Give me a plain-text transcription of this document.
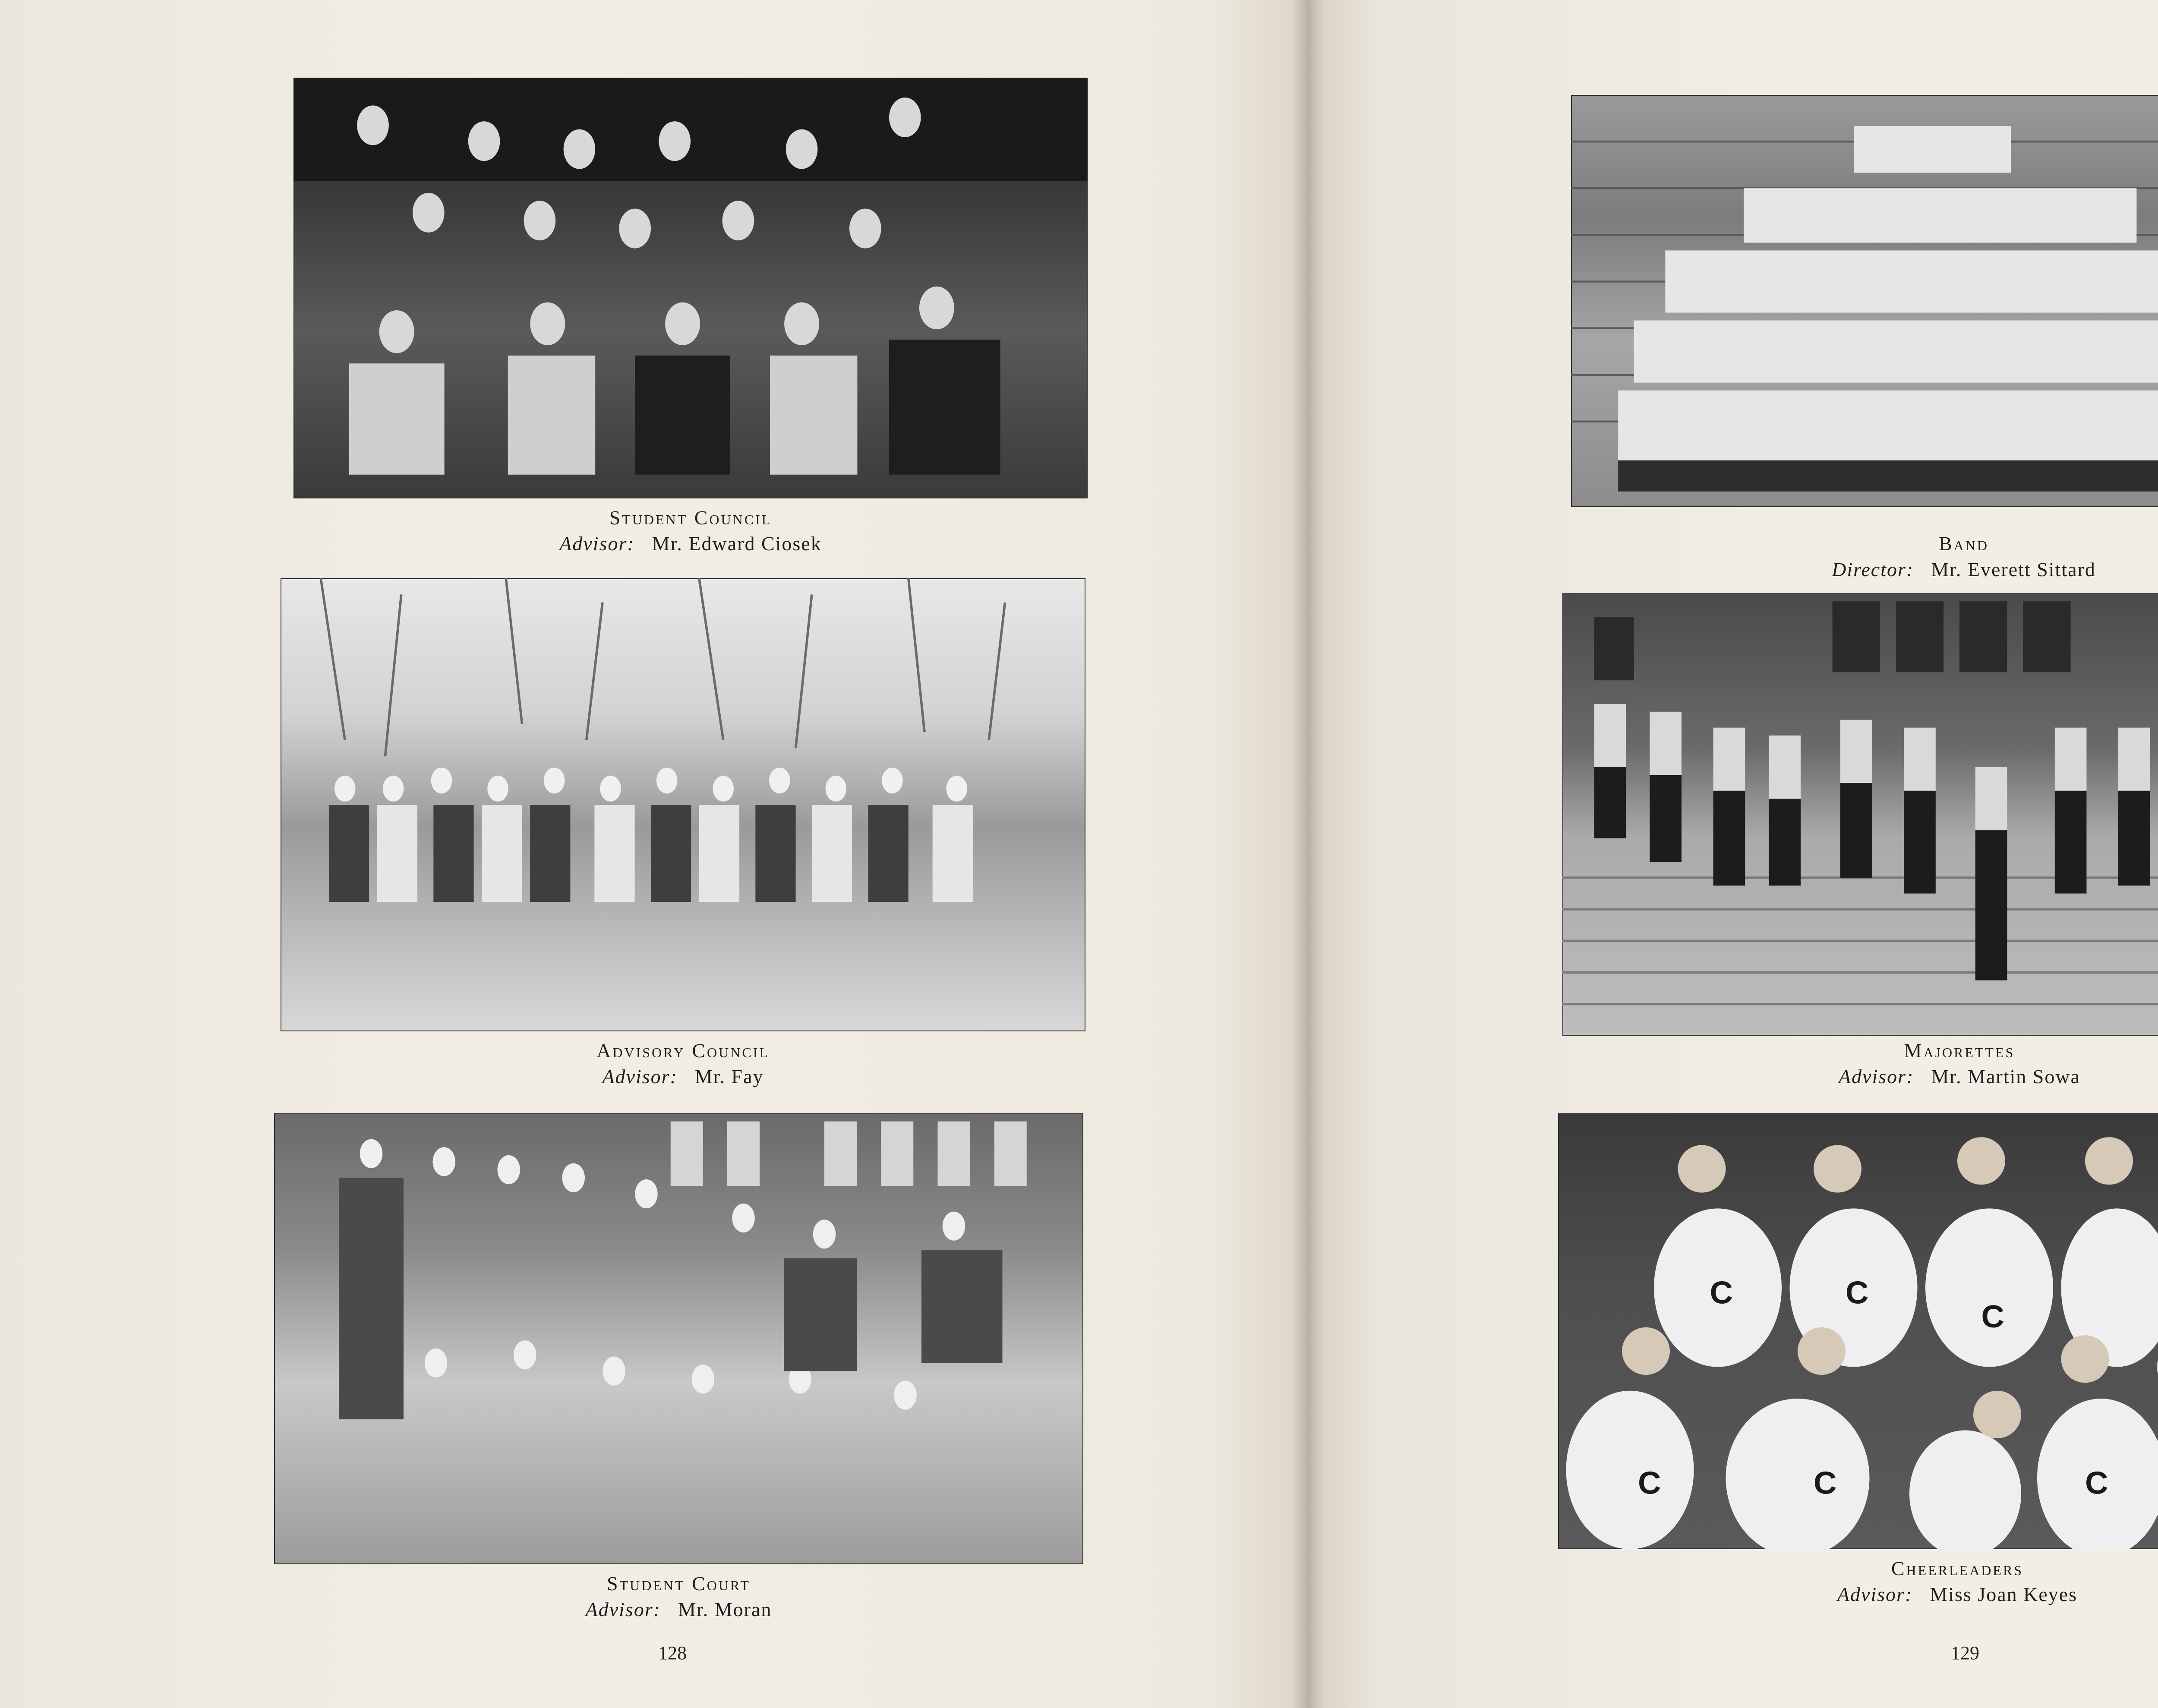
C	C
C
C	C	C
Student Council
Advisor: Mr. Edward Ciosek
Advisory Council
Advisor: Mr. Fay
Student Court
Advisor: Mr. Moran
128
Band
Director: Mr. Everett Sittard
Majorettes
Advisor: Mr. Martin Sowa
Cheerleaders
Advisor: Miss Joan Keyes
129
